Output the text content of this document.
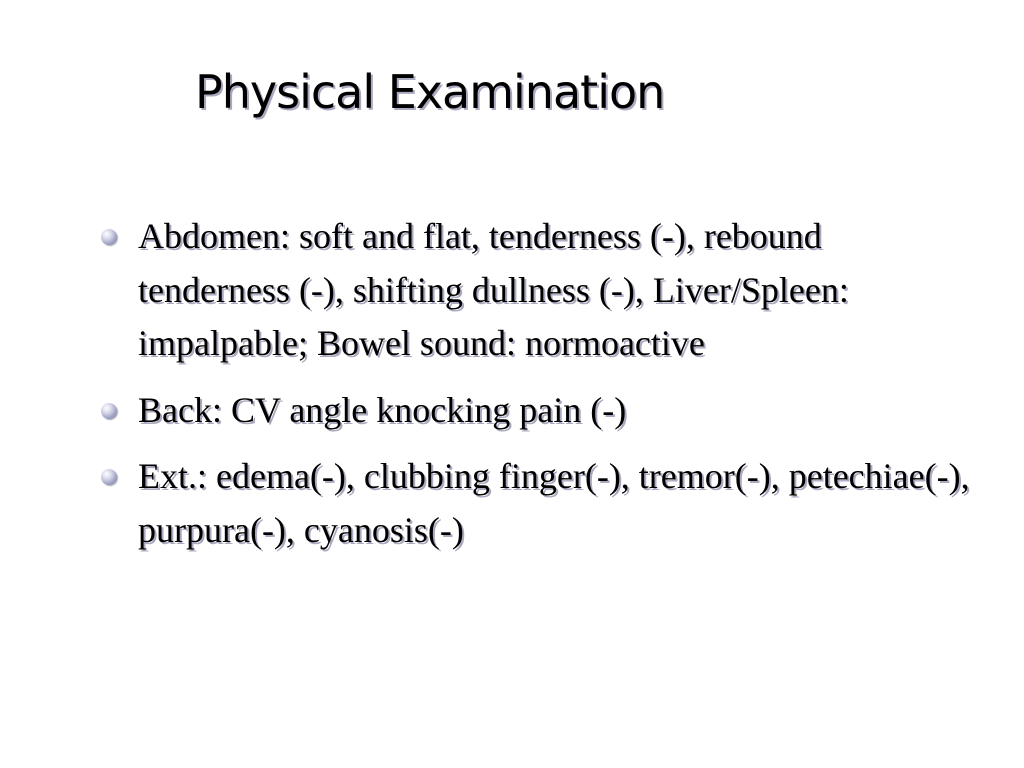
Physical Examination
Abdomen: soft and flat, tenderness (-), rebound tenderness (-), shifting dullness (-), Liver/Spleen: impalpable; Bowel sound: normoactive
Back: CV angle knocking pain (-)
Ext.: edema(-), clubbing finger(-), tremor(-), petechiae(-), purpura(-), cyanosis(-)
